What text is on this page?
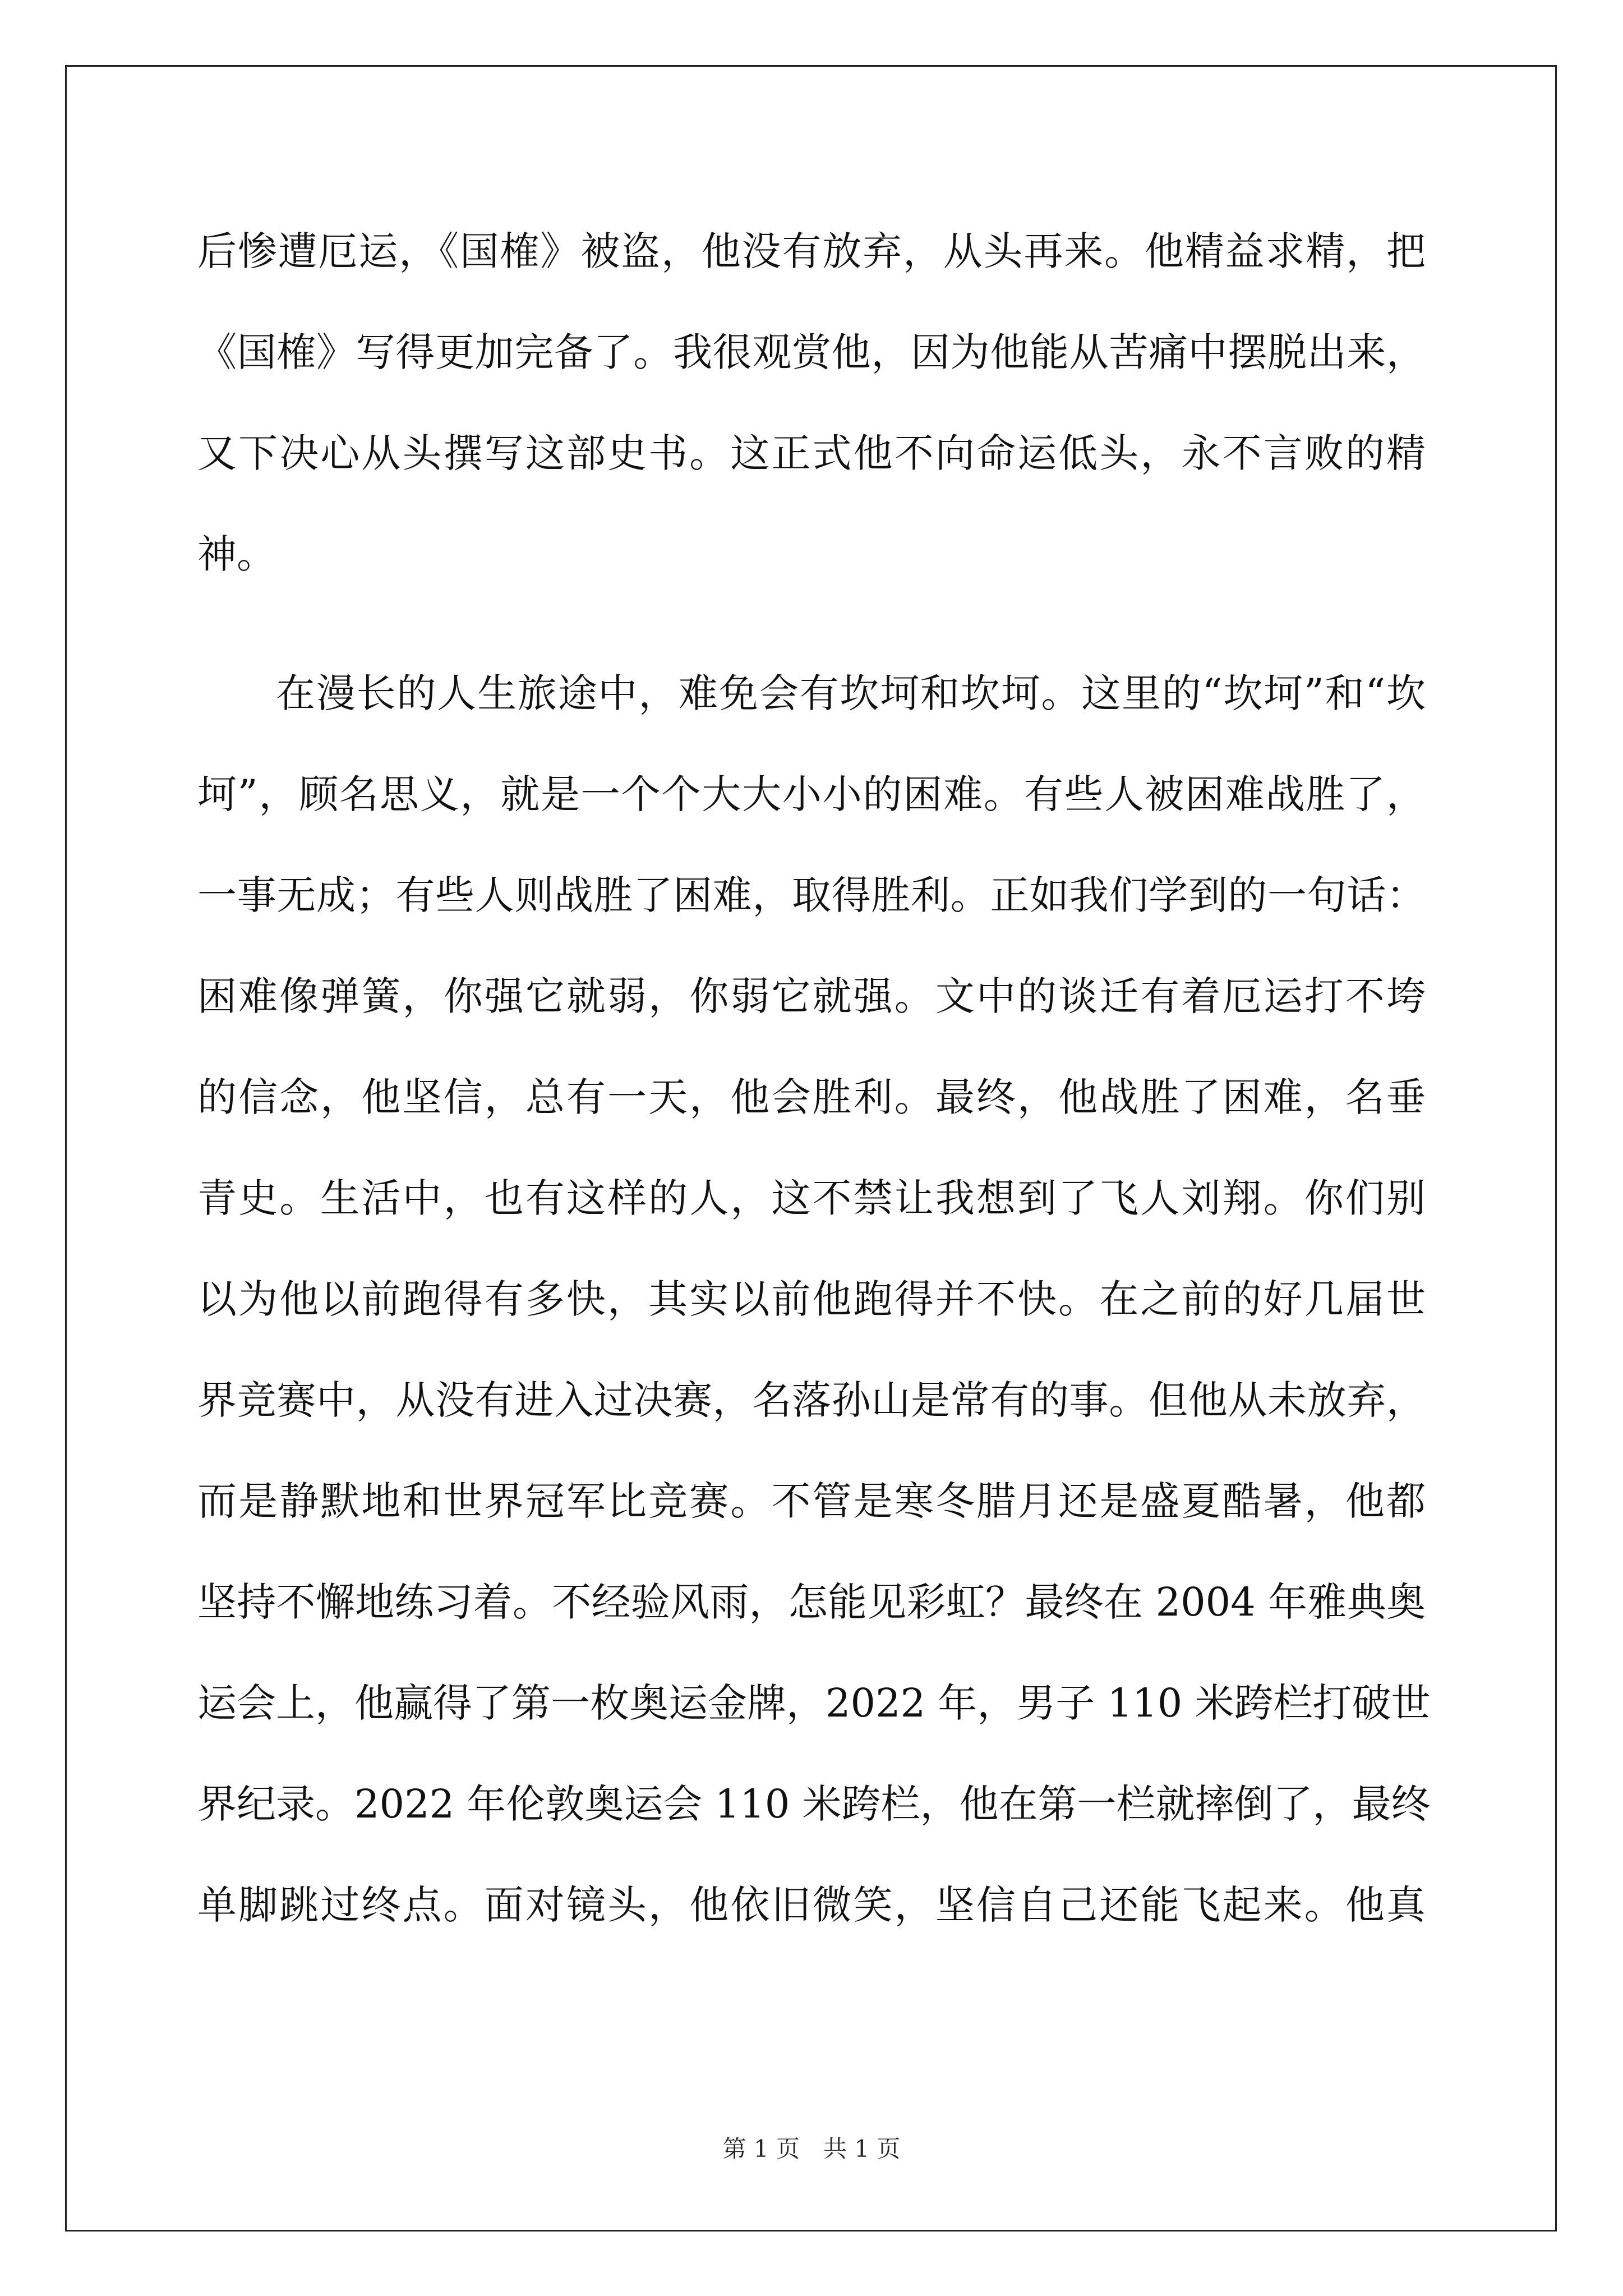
后惨遭厄运，《国榷》被盗，他没有放弃，从头再来。他精益求精，把
《国榷》写得更加完备了。我很观赏他，因为他能从苦痛中摆脱出来，
又下决心从头撰写这部史书。这正式他不向命运低头，永不言败的精
神。
在漫长的人生旅途中，难免会有坎坷和坎坷。这里的“坎坷”和“坎
坷”，顾名思义，就是一个个大大小小的困难。有些人被困难战胜了，
一事无成；有些人则战胜了困难，取得胜利。正如我们学到的一句话：
困难像弹簧，你强它就弱，你弱它就强。文中的谈迁有着厄运打不垮
的信念，他坚信，总有一天，他会胜利。最终，他战胜了困难，名垂
青史。生活中，也有这样的人，这不禁让我想到了飞人刘翔。你们别
以为他以前跑得有多快，其实以前他跑得并不快。在之前的好几届世
界竞赛中，从没有进入过决赛，名落孙山是常有的事。但他从未放弃，
而是静默地和世界冠军比竞赛。不管是寒冬腊月还是盛夏酷暑，他都
坚持不懈地练习着。不经验风雨，怎能见彩虹？最终在 2004 年雅典奥
运会上，他赢得了第一枚奥运金牌，2022 年，男子 110 米跨栏打破世
界纪录。2022 年伦敦奥运会 110 米跨栏，他在第一栏就摔倒了，最终
单脚跳过终点。面对镜头，他依旧微笑，坚信自己还能飞起来。他真
第 1 页　共 1 页
